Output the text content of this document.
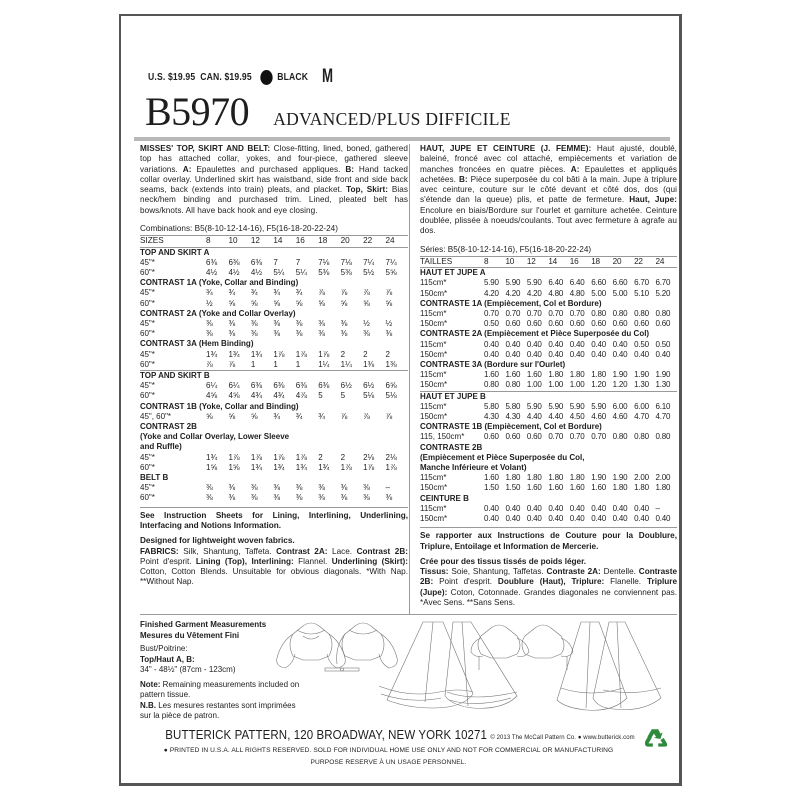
U.S. $19.95 CAN. $19.95 BLACK M
B5970 ADVANCED/PLUS DIFFICILE
MISSES' TOP, SKIRT AND BELT: Close-fitting, lined, boned, gathered top has attached collar, yokes, and four-piece, gathered sleeve variations. A: Epaulettes and purchased appliques. B: Hand tacked collar overlay. Underlined skirt has waistband, side front and side back seams, back (extends into train) pleats, and placket. Top, Skirt: Bias neck/hem binding and purchased trim. Lined, pleated belt has bows/knots. All have back hook and eye closing.
Combinations: B5(8-10-12-14-16), F5(16-18-20-22-24)
SIZES	8	10	12	14	16	18	20	22	24
TOP AND SKIRT A									
45"*	6⅜	6⅜	6⅜	7	7	7⅛	7⅛	7¼	7¼
60"*	4½	4½	4½	5¼	5¼	5⅜	5⅜	5½	5⅝
CONTRAST 1A (Yoke, Collar and Binding)									
45"*	¾	¾	¾	¾	¾	⅞	⅞	⅞	⅞
60"*	½	⅝	⅝	⅝	⅝	⅝	⅝	⅝	⅝
CONTRAST 2A (Yoke and Collar Overlay)									
45"*	⅜	⅜	⅜	⅜	⅜	⅜	⅜	½	½
60"*	⅜	⅜	⅜	⅜	⅜	⅜	⅜	⅜	⅜
CONTRAST 3A (Hem Binding)									
45"*	1¾	1¾	1¾	1⅞	1⅞	1⅞	2	2	2
60"*	⅞	⅞	1	1	1	1¼	1¼	1⅜	1⅜
TOP AND SKIRT B									
45"*	6¼	6¼	6⅜	6⅜	6⅜	6⅜	6½	6½	6⅝
60"*	4⅝	4⅝	4¾	4¾	4⅞	5	5	5⅛	5⅛
CONTRAST 1B (Yoke, Collar and Binding)									
45", 60"*	⅝	⅝	⅝	¾	¾	¾	⅞	⅞	⅞
CONTRAST 2B									
(Yoke and Collar Overlay, Lower Sleeve									
and Ruffle)									
45"*	1¾	1⅞	1⅞	1⅞	1⅞	2	2	2⅛	2⅛
60"*	1⅝	1⅝	1¾	1¾	1¾	1¾	1⅞	1⅞	1⅞
BELT B									
45"*	⅜	⅜	⅜	⅜	⅜	⅜	⅜	⅜	–
60"*	⅜	⅜	⅜	⅜	⅜	⅜	⅜	⅜	⅜

See Instruction Sheets for Lining, Interlining, Underlining, Interfacing and Notions Information.

Designed for lightweight woven fabrics.

FABRICS: Silk, Shantung, Taffeta. Contrast 2A: Lace. Contrast 2B: Point d'esprit. Lining (Top), Interlining: Flannel. Underlining (Skirt): Cotton, Cotton Blends. Unsuitable for obvious diagonals. *With Nap. **Without Nap.

HAUT, JUPE ET CEINTURE (J. FEMME): Haut ajusté, doublé, baleiné, froncé avec col attaché, empiècements et variation de manches froncées en quatre pièces. A: Epaulettes et appliqués achetées. B: Pièce superposée du col bâti à la main. Jupe à triplure avec ceinture, couture sur le côté devant et côté dos, dos (qui s'étende dan la queue) plis, et patte de fermeture. Haut, Jupe: Encolure en biais/Bordure sur l'ourlet et garniture achetée. Ceinture doublée, plissée à noeuds/coulants. Tout avec fermeture à agrafe au dos.
Séries: B5(8-10-12-14-16), F5(16-18-20-22-24)
TAILLES	8	10	12	14	16	18	20	22	24
HAUT ET JUPE A									
115cm*	5.90	5.90	5.90	6.40	6.40	6.60	6.60	6.70	6.70
150cm*	4.20	4.20	4.20	4.80	4.80	5.00	5.00	5.10	5.20
CONTRASTE 1A (Empiècement, Col et Bordure)									
115cm*	0.70	0.70	0.70	0.70	0.70	0.80	0.80	0.80	0.80
150cm*	0.50	0.60	0.60	0.60	0.60	0.60	0.60	0.60	0.60
CONTRASTE 2A (Empiècement et Pièce Superposée du Col)									
115cm*	0.40	0.40	0.40	0.40	0.40	0.40	0.40	0.50	0.50
150cm*	0.40	0.40	0.40	0.40	0.40	0.40	0.40	0.40	0.40
CONTRASTE 3A (Bordure sur l'Ourlet)									
115cm*	1.60	1.60	1.60	1.80	1.80	1.80	1.90	1.90	1.90
150cm*	0.80	0.80	1.00	1.00	1.00	1.20	1.20	1.30	1.30
HAUT ET JUPE B									
115cm*	5.80	5.80	5.90	5.90	5.90	5.90	6.00	6.00	6.10
150cm*	4.30	4.30	4.40	4.40	4.50	4.60	4.60	4.70	4.70
CONTRASTE 1B (Empiècement, Col et Bordure)									
115, 150cm*	0.60	0.60	0.60	0.70	0.70	0.70	0.80	0.80	0.80
CONTRASTE 2B									
(Empiècement et Pièce Superposée du Col,									
Manche Inférieure et Volant)									
115cm*	1.60	1.80	1.80	1.80	1.80	1.90	1.90	2.00	2.00
150cm*	1.50	1.50	1.60	1.60	1.60	1.60	1.80	1.80	1.80
CEINTURE B									
115cm*	0.40	0.40	0.40	0.40	0.40	0.40	0.40	0.40	–
150cm*	0.40	0.40	0.40	0.40	0.40	0.40	0.40	0.40	0.40

Se rapporter aux Instructions de Couture pour la Doublure, Triplure, Entoilage et Information de Mercerie.

Crée pour des tissus tissés de poids léger.

Tissus: Soie, Shantung, Taffetas. Contraste 2A: Dentelle. Contraste 2B: Point d'esprit. Doublure (Haut), Triplure: Flanelle. Triplure (Jupe): Coton, Cotonnade. Grandes diagonales ne conviennent pas. *Avec Sens. **Sans Sens.

Finished Garment Measurements
Mesures du Vêtement Fini

Bust/Poitrine:
Top/Haut A, B:
34" - 48½" (87cm - 123cm)

Note: Remaining measurements included on pattern tissue.

N.B. Les mesures restantes sont imprimées sur la pièce de patron.

BUTTERICK PATTERN, 120 BROADWAY, NEW YORK 10271 © 2013 The McCall Pattern Co. ● www.butterick.com
● PRINTED IN U.S.A. ALL RIGHTS RESERVED. SOLD FOR INDIVIDUAL HOME USE ONLY AND NOT FOR COMMERCIAL OR MANUFACTURING
PURPOSE RESERVE À UN USAGE PERSONNEL.
